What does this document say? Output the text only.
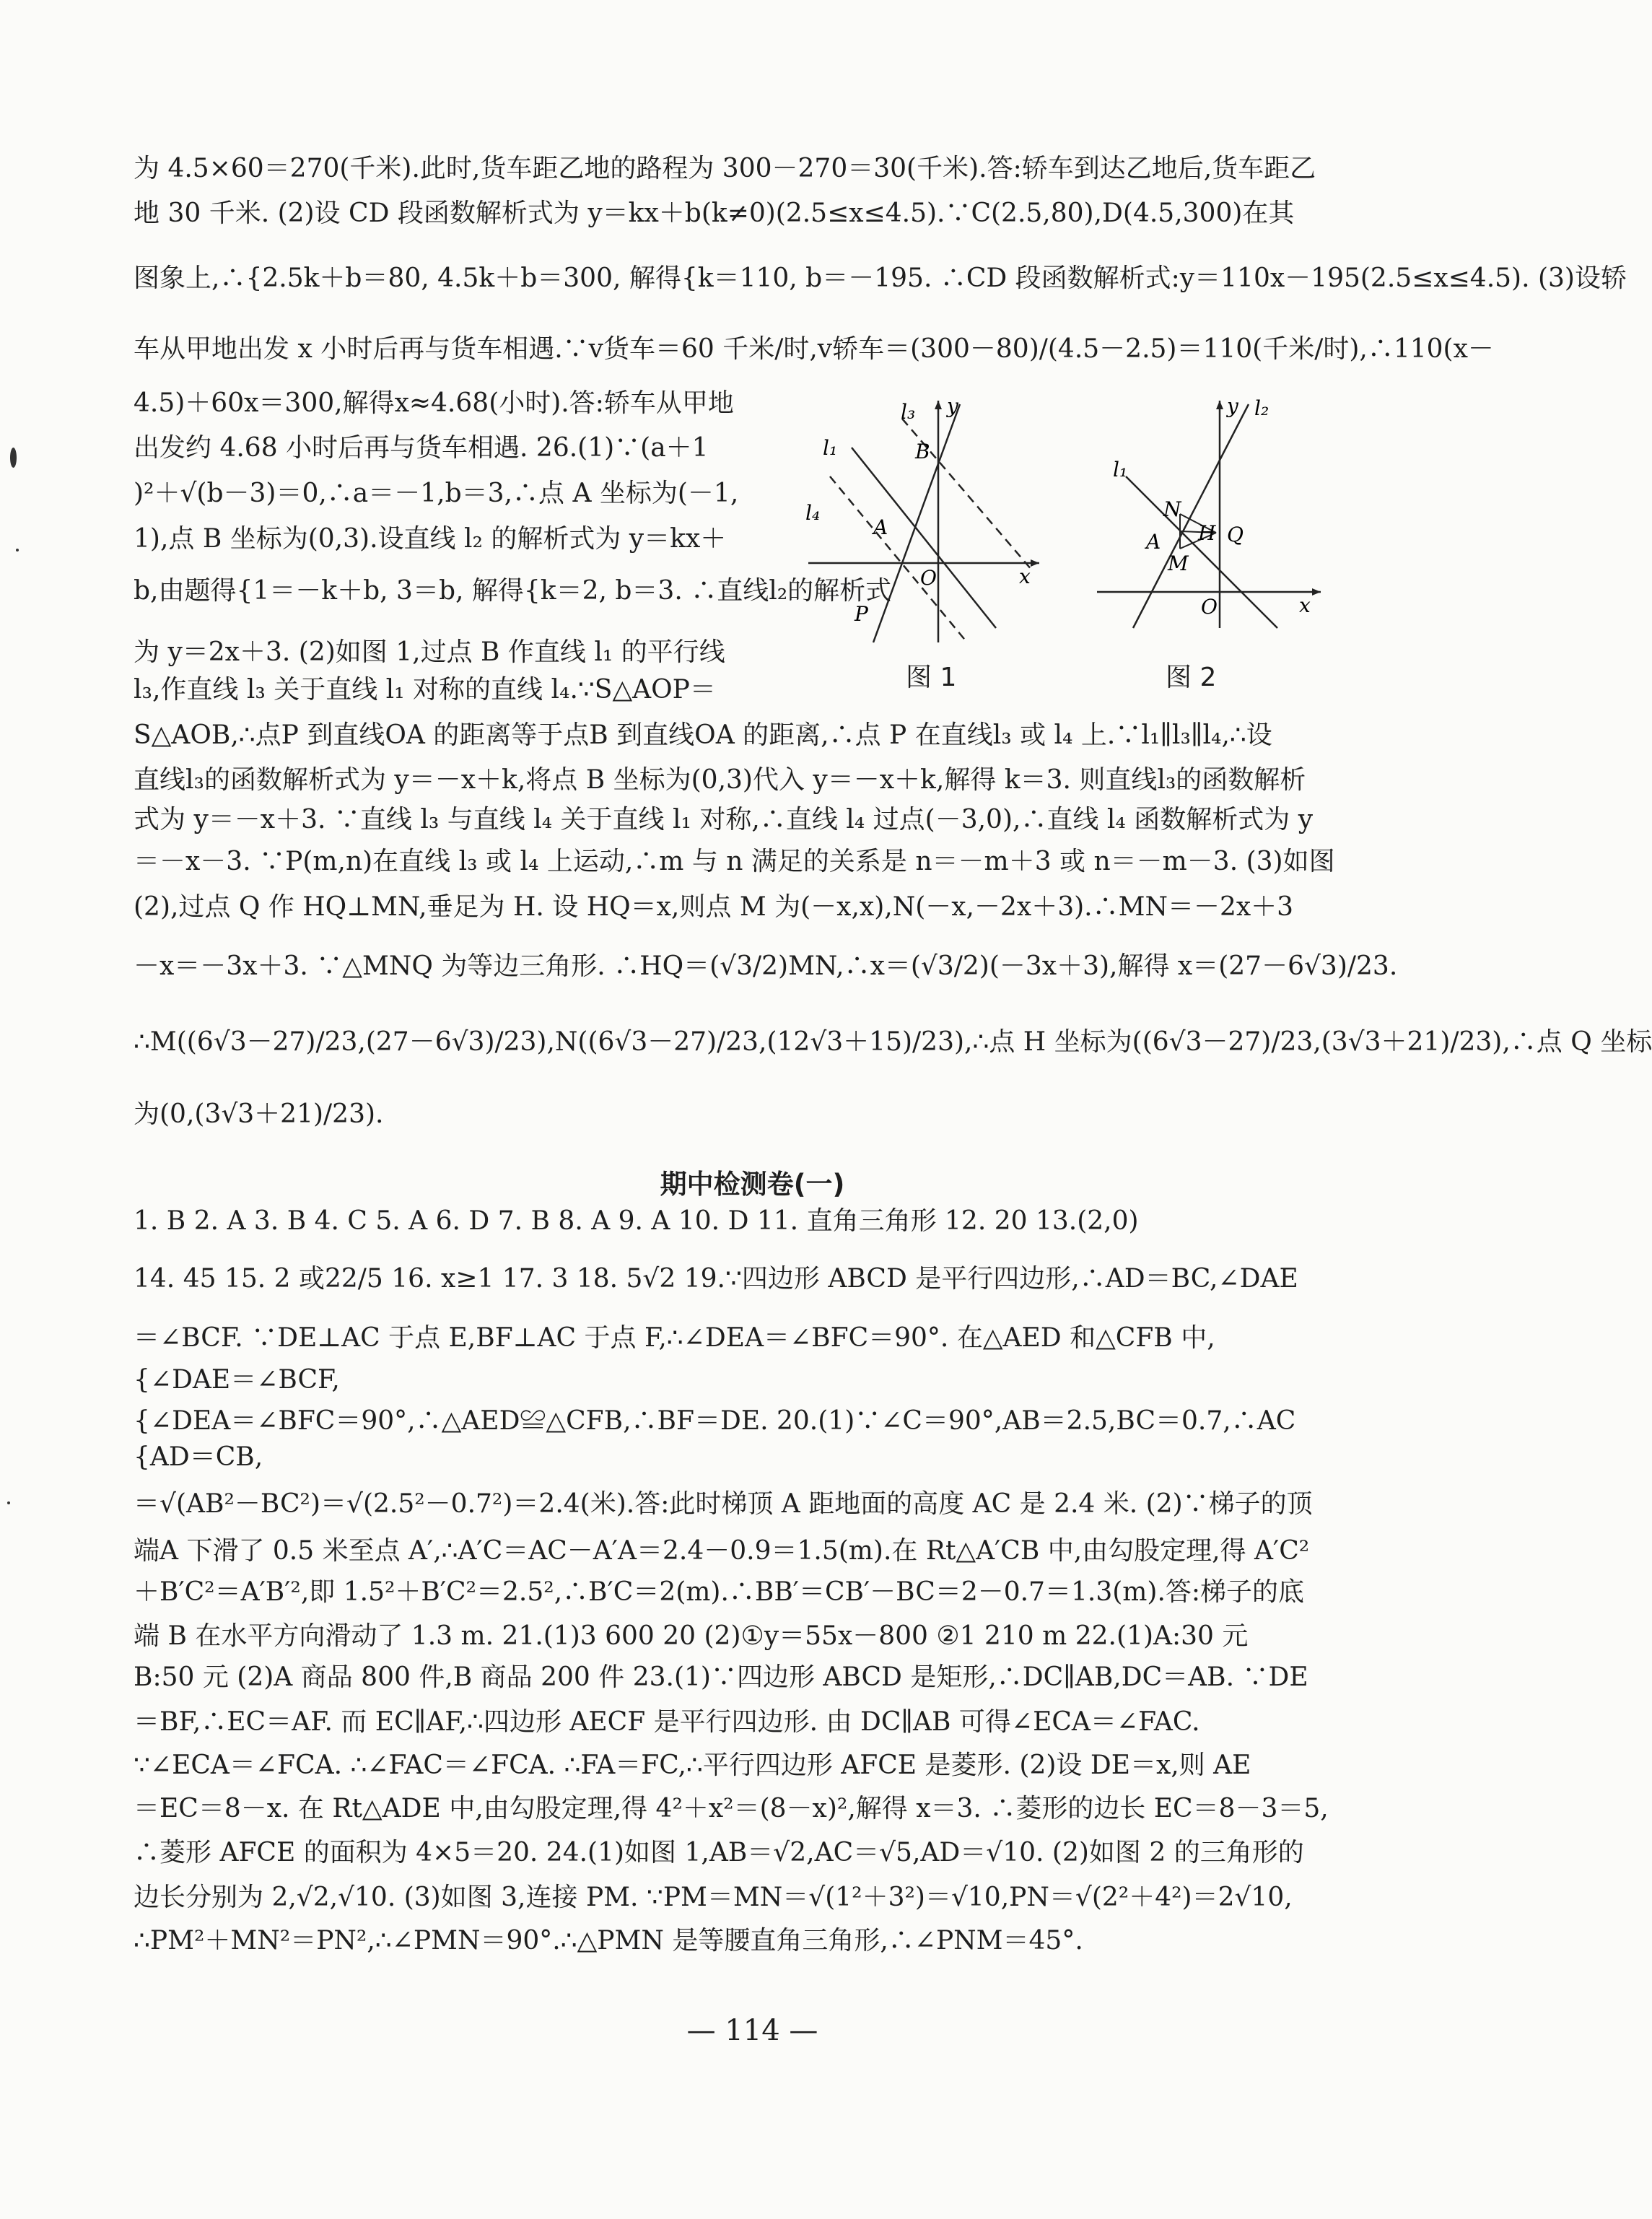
为 4.5×60＝270(千米).此时,货车距乙地的路程为 300－270＝30(千米).答:轿车到达乙地后,货车距乙
地 30 千米. (2)设 CD 段函数解析式为 y＝kx＋b(k≠0)(2.5≤x≤4.5).∵C(2.5,80),D(4.5,300)在其
图象上,∴{2.5k＋b＝80, 4.5k＋b＝300, 解得{k＝110, b＝－195. ∴CD 段函数解析式:y＝110x－195(2.5≤x≤4.5). (3)设轿
车从甲地出发 x 小时后再与货车相遇.∵v货车＝60 千米/时,v轿车＝(300－80)/(4.5－2.5)＝110(千米/时),∴110(x－
4.5)＋60x＝300,解得x≈4.68(小时).答:轿车从甲地
出发约 4.68 小时后再与货车相遇. 26.(1)∵(a＋1
)²＋√(b－3)＝0,∴a＝－1,b＝3,∴点 A 坐标为(－1,
1),点 B 坐标为(0,3).设直线 l₂ 的解析式为 y＝kx＋
b,由题得{1＝－k＋b, 3＝b, 解得{k＝2, b＝3. ∴直线l₂的解析式
为 y＝2x＋3. (2)如图 1,过点 B 作直线 l₁ 的平行线
l₃,作直线 l₃ 关于直线 l₁ 对称的直线 l₄.∵S△AOP＝
l₃ y
l₁	B
l₄
A
O	x
P
图 1
y l₂
l₁
N
H Q
A
M
O	x
图 2
S△AOB,∴点P 到直线OA 的距离等于点B 到直线OA 的距离,∴点 P 在直线l₃ 或 l₄ 上.∵l₁∥l₃∥l₄,∴设
直线l₃的函数解析式为 y＝－x＋k,将点 B 坐标为(0,3)代入 y＝－x＋k,解得 k＝3. 则直线l₃的函数解析
式为 y＝－x＋3. ∵直线 l₃ 与直线 l₄ 关于直线 l₁ 对称,∴直线 l₄ 过点(－3,0),∴直线 l₄ 函数解析式为 y
＝－x－3. ∵P(m,n)在直线 l₃ 或 l₄ 上运动,∴m 与 n 满足的关系是 n＝－m＋3 或 n＝－m－3. (3)如图
(2),过点 Q 作 HQ⊥MN,垂足为 H. 设 HQ＝x,则点 M 为(－x,x),N(－x,－2x＋3).∴MN＝－2x＋3
－x＝－3x＋3. ∵△MNQ 为等边三角形. ∴HQ＝(√3/2)MN,∴x＝(√3/2)(－3x＋3),解得 x＝(27－6√3)/23.
∴M((6√3－27)/23,(27－6√3)/23),N((6√3－27)/23,(12√3＋15)/23),∴点 H 坐标为((6√3－27)/23,(3√3＋21)/23),∴点 Q 坐标
为(0,(3√3＋21)/23).
期中检测卷(一)
1. B 2. A 3. B 4. C 5. A 6. D 7. B 8. A 9. A 10. D 11. 直角三角形 12. 20 13.(2,0)
14. 45 15. 2 或22/5 16. x≥1 17. 3 18. 5√2 19.∵四边形 ABCD 是平行四边形,∴AD＝BC,∠DAE
＝∠BCF. ∵DE⊥AC 于点 E,BF⊥AC 于点 F,∴∠DEA＝∠BFC＝90°. 在△AED 和△CFB 中,
{∠DAE＝∠BCF,
{∠DEA＝∠BFC＝90°,∴△AED≌△CFB,∴BF＝DE. 20.(1)∵∠C＝90°,AB＝2.5,BC＝0.7,∴AC
{AD＝CB,
＝√(AB²－BC²)＝√(2.5²－0.7²)＝2.4(米).答:此时梯顶 A 距地面的高度 AC 是 2.4 米. (2)∵梯子的顶
端A 下滑了 0.5 米至点 A′,∴A′C＝AC－A′A＝2.4－0.9＝1.5(m).在 Rt△A′CB 中,由勾股定理,得 A′C²
＋B′C²＝A′B′²,即 1.5²＋B′C²＝2.5²,∴B′C＝2(m).∴BB′＝CB′－BC＝2－0.7＝1.3(m).答:梯子的底
端 B 在水平方向滑动了 1.3 m. 21.(1)3 600 20 (2)①y＝55x－800 ②1 210 m 22.(1)A:30 元
B:50 元 (2)A 商品 800 件,B 商品 200 件 23.(1)∵四边形 ABCD 是矩形,∴DC∥AB,DC＝AB. ∵DE
＝BF,∴EC＝AF. 而 EC∥AF,∴四边形 AECF 是平行四边形. 由 DC∥AB 可得∠ECA＝∠FAC.
∵∠ECA＝∠FCA. ∴∠FAC＝∠FCA. ∴FA＝FC,∴平行四边形 AFCE 是菱形. (2)设 DE＝x,则 AE
＝EC＝8－x. 在 Rt△ADE 中,由勾股定理,得 4²＋x²＝(8－x)²,解得 x＝3. ∴菱形的边长 EC＝8－3＝5,
∴菱形 AFCE 的面积为 4×5＝20. 24.(1)如图 1,AB＝√2,AC＝√5,AD＝√10. (2)如图 2 的三角形的
边长分别为 2,√2,√10. (3)如图 3,连接 PM. ∵PM＝MN＝√(1²＋3²)＝√10,PN＝√(2²＋4²)＝2√10,
∴PM²＋MN²＝PN²,∴∠PMN＝90°.∴△PMN 是等腰直角三角形,∴∠PNM＝45°.
— 114 —
